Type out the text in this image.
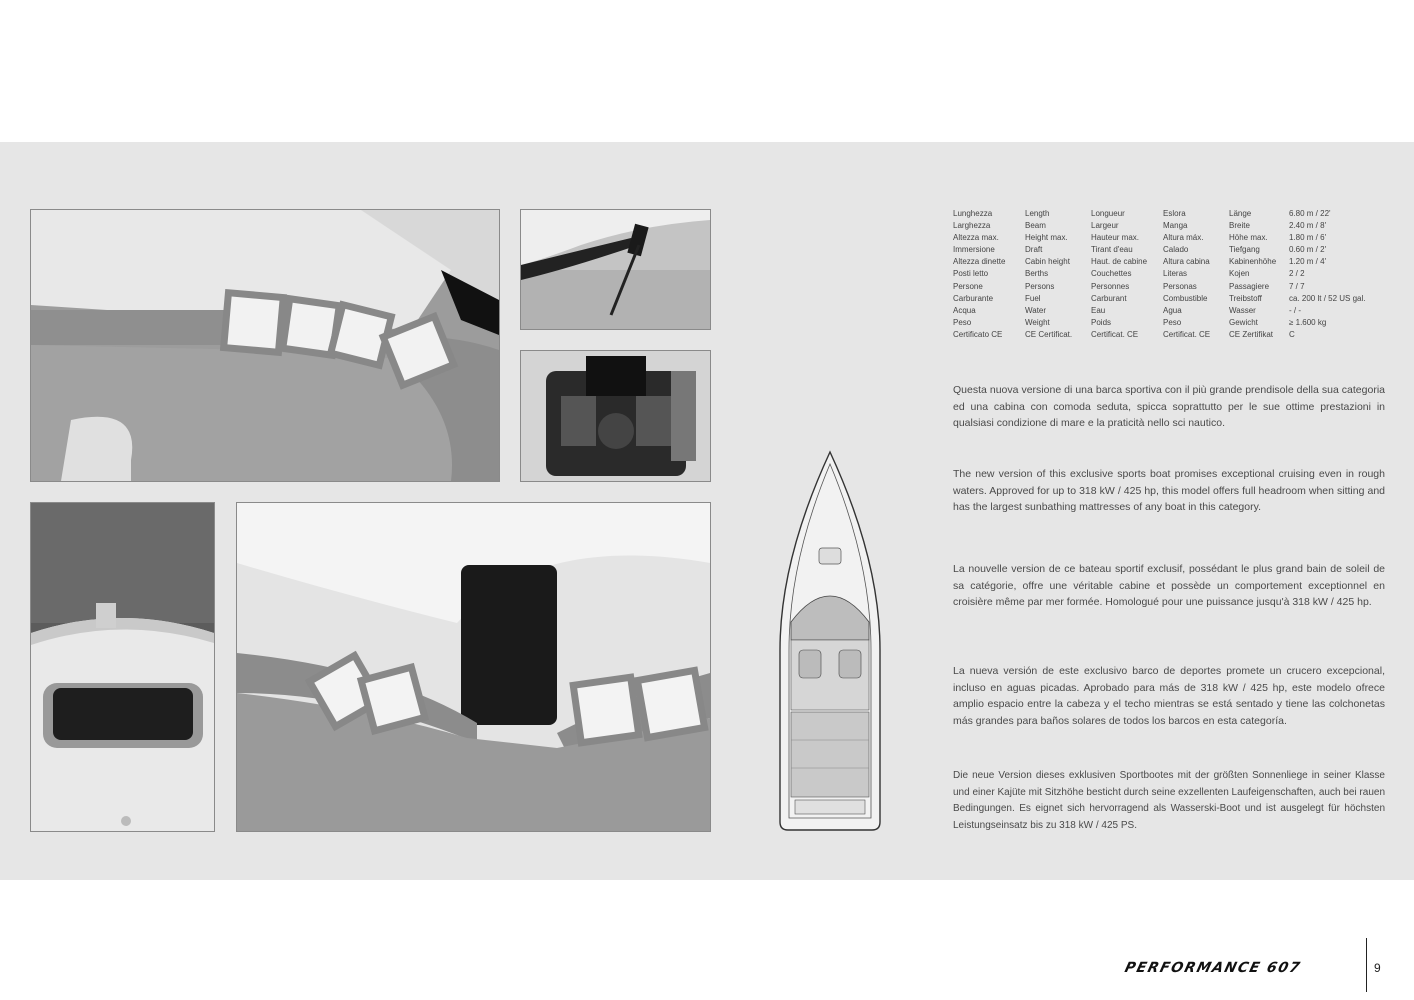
Lunghezza	Length	Longueur	Eslora	Länge	6.80 m / 22'
Larghezza	Beam	Largeur	Manga	Breite	2.40 m / 8'
Altezza max.	Height max.	Hauteur max.	Altura máx.	Höhe max.	1.80 m / 6'
Immersione	Draft	Tirant d'eau	Calado	Tiefgang	0.60 m / 2'
Altezza dinette	Cabin height	Haut. de cabine	Altura cabina	Kabinenhöhe	1.20 m / 4'
Posti letto	Berths	Couchettes	Literas	Kojen	2 / 2
Persone	Persons	Personnes	Personas	Passagiere	7 / 7
Carburante	Fuel	Carburant	Combustible	Treibstoff	ca. 200 lt / 52 US gal.
Acqua	Water	Eau	Agua	Wasser	- / -
Peso	Weight	Poids	Peso	Gewicht	≥ 1.600 kg
Certificato CE	CE Certificat.	Certificat. CE	Certificat. CE	CE Zertifikat	C

Questa nuova versione di una barca sportiva con il più grande prendisole della sua categoria ed una cabina con comoda seduta, spicca soprattutto per le sue ottime prestazioni in qualsiasi condizione di mare e la praticità nello sci nautico.

The new version of this exclusive sports boat promises exceptional cruising even in rough waters. Approved for up to 318 kW / 425 hp, this model offers full headroom when sitting and has the largest sunbathing mattresses of any boat in this category.

La nouvelle version de ce bateau sportif exclusif, possédant le plus grand bain de soleil de sa catégorie, offre une véritable cabine et possède un comportement exceptionnel en croisière même par mer formée. Homologué pour une puissance jusqu'à 318 kW / 425 hp.

La nueva versión de este exclusivo barco de deportes promete un crucero excepcional, incluso en aguas picadas. Aprobado para más de 318 kW / 425 hp, este modelo ofrece amplio espacio entre la cabeza y el techo mientras se está sentado y tiene las colchonetas más grandes para baños solares de todos los barcos en esta categoría.

Die neue Version dieses exklusiven Sportbootes mit der größten Sonnenliege in seiner Klasse und einer Kajüte mit Sitzhöhe besticht durch seine exzellenten Laufeigenschaften, auch bei rauen Bedingungen. Es eignet sich hervorragend als Wasserski-Boot und ist ausgelegt für höchsten Leistungseinsatz bis zu 318 kW / 425 PS.

PERFORMANCE 607	9
